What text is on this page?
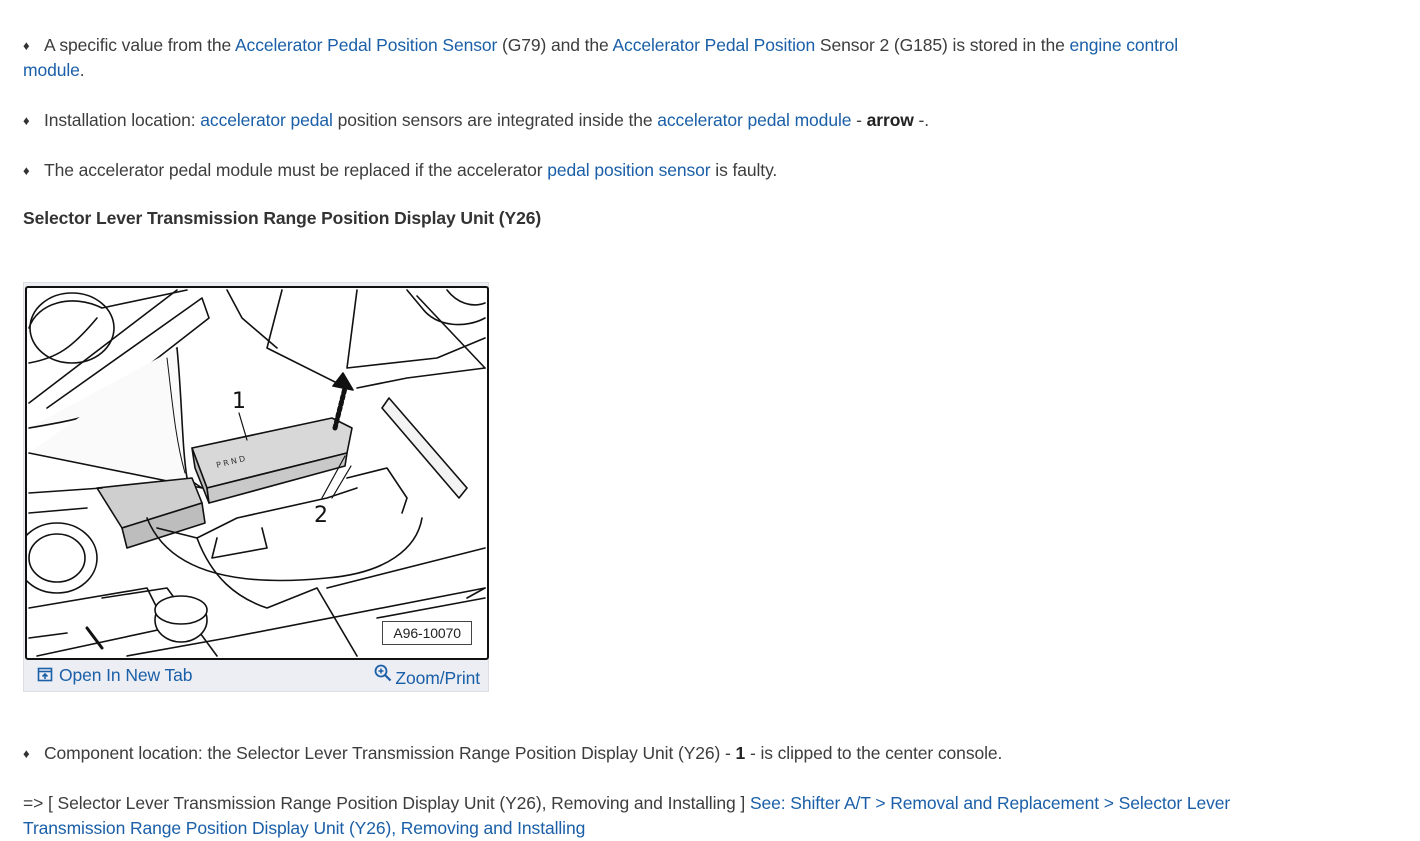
♦ A specific value from the Accelerator Pedal Position Sensor (G79) and the Accelerator Pedal Position Sensor 2 (G185) is stored in the engine control module.
♦ Installation location: accelerator pedal position sensors are integrated inside the accelerator pedal module - arrow -.
♦ The accelerator pedal module must be replaced if the accelerator pedal position sensor is faulty.
Selector Lever Transmission Range Position Display Unit (Y26)
P R N D
1
2
A96-10070
Open In New Tab	Zoom/Print
♦ Component location: the Selector Lever Transmission Range Position Display Unit (Y26) - 1 - is clipped to the center console.
=> [ Selector Lever Transmission Range Position Display Unit (Y26), Removing and Installing ] See: Shifter A/T > Removal and Replacement > Selector Lever Transmission Range Position Display Unit (Y26), Removing and Installing
